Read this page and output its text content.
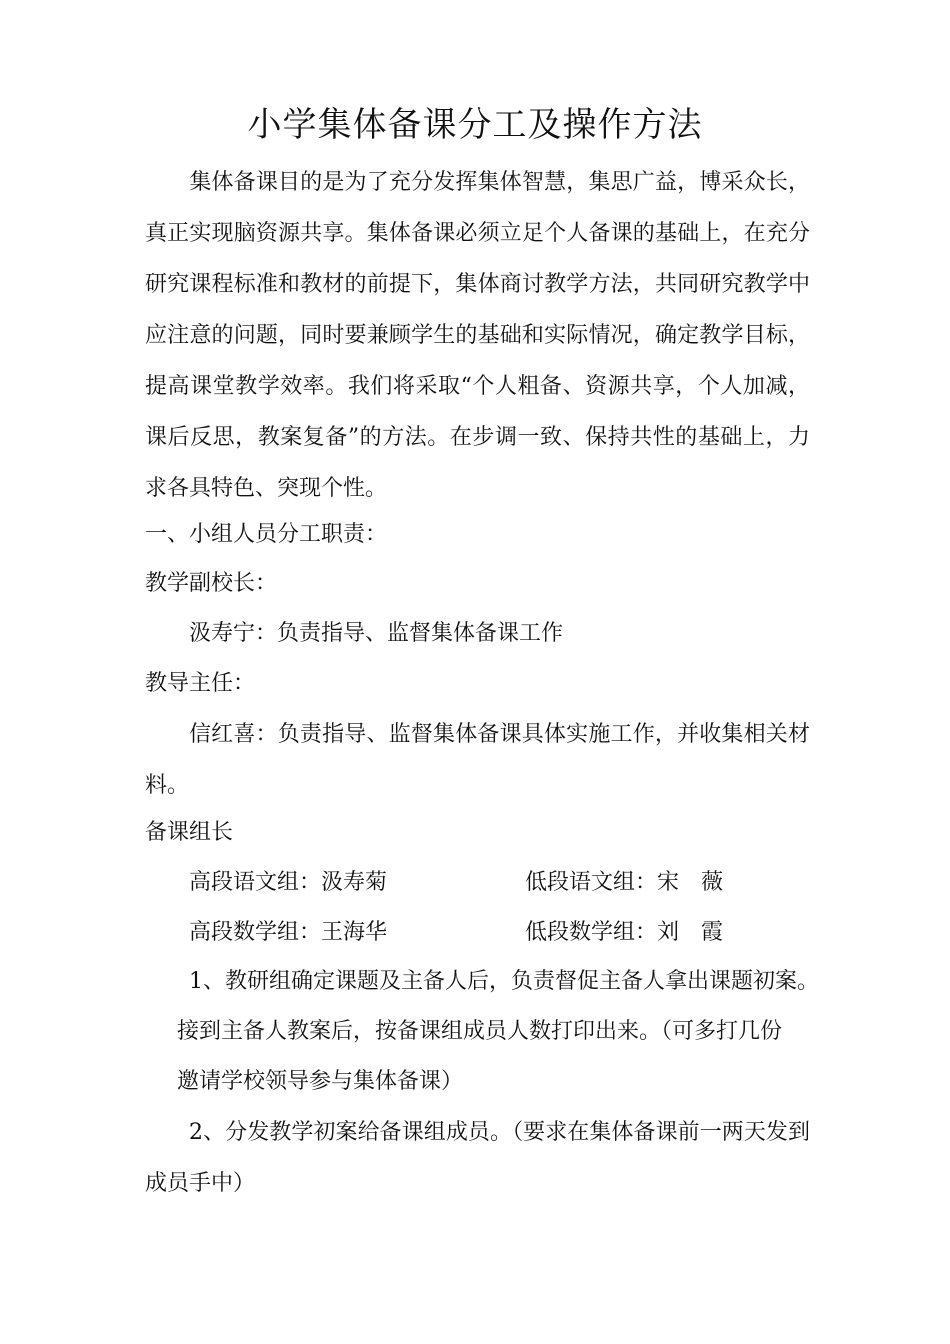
小学集体备课分工及操作方法

　　集体备课目的是为了充分发挥集体智慧，集思广益，博采众长，真正实现脑资源共享。集体备课必须立足个人备课的基础上，在充分研究课程标准和教材的前提下，集体商讨教学方法，共同研究教学中应注意的问题，同时要兼顾学生的基础和实际情况，确定教学目标，提高课堂教学效率。我们将采取“个人粗备、资源共享，个人加减，课后反思，教案复备”的方法。在步调一致、保持共性的基础上，力求各具特色、突现个性。

一、小组人员分工职责：

教学副校长：

汲寿宁：负责指导、监督集体备课工作

教导主任：

信红喜：负责指导、监督集体备课具体实施工作，并收集相关材料。

备课组长

高段语文组：汲寿菊	低段语文组：宋　薇

高段数学组：王海华	低段数学组：刘　霞

1、教研组确定课题及主备人后，负责督促主备人拿出课题初案。

接到主备人教案后，按备课组成员人数打印出来。（可多打几份

邀请学校领导参与集体备课）

2、分发教学初案给备课组成员。（要求在集体备课前一两天发到成员手中）
